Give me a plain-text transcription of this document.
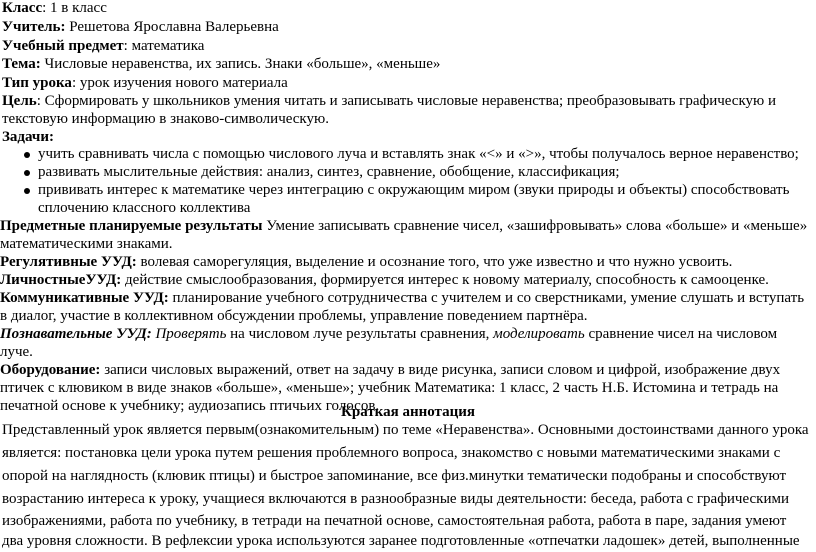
Класс: 1 в класс
Учитель: Решетова Ярославна Валерьевна
Учебный предмет: математика
Тема: Числовые неравенства, их запись. Знаки «больше», «меньше»
Тип урока: урок изучения нового материала
Цель: Сформировать у школьников умения читать и записывать числовые неравенства; преобразовывать графическую и
текстовую информацию в знаково-символическую.
Задачи:
учить сравнивать числа с помощью числового луча и вставлять знак «<» и «>», чтобы получалось верное неравенство;
развивать мыслительные действия: анализ, синтез, сравнение, обобщение, классификация;
прививать интерес к математике через интеграцию с окружающим миром (звуки природы и объекты) способствовать
сплочению классного коллектива
Предметные планируемые результаты Умение записывать сравнение чисел, «зашифровывать» слова «больше» и «меньше»
математическими знаками.
Регулятивные УУД: волевая саморегуляция, выделение и осознание того, что уже известно и что нужно усвоить.
ЛичностныеУУД: действие смыслообразования, формируется интерес к новому материалу, способность к самооценке.
Коммуникативные УУД: планирование учебного сотрудничества с учителем и со сверстниками, умение слушать и вступать
в диалог, участие в коллективном обсуждении проблемы, управление поведением партнёра.
Познавательные УУД: Проверять на числовом луче результаты сравнения, моделировать сравнение чисел на числовом
луче.
Оборудование: записи числовых выражений, ответ на задачу в виде рисунка, записи словом и цифрой, изображение двух
птичек с клювиком в виде знаков «больше», «меньше»; учебник Математика: 1 класс, 2 часть Н.Б. Истомина и тетрадь на
печатной основе к учебнику; аудиозапись птичьих голосов.
Краткая аннотация
Представленный урок является первым(ознакомительным) по теме «Неравенства». Основными достоинствами данного урока
является: постановка цели урока путем решения проблемного вопроса, знакомство с новыми математическими знаками с
опорой на наглядность (клювик птицы) и быстрое запоминание, все физ.минутки тематически подобраны и способствуют
возрастанию интереса к уроку, учащиеся включаются в разнообразные виды деятельности: беседа, работа с графическими
изображениями, работа по учебнику, в тетради на печатной основе, самостоятельная работа, работа в паре, задания умеют
два уровня сложности. В рефлексии урока используются заранее подготовленные «отпечатки ладошек» детей, выполненные
